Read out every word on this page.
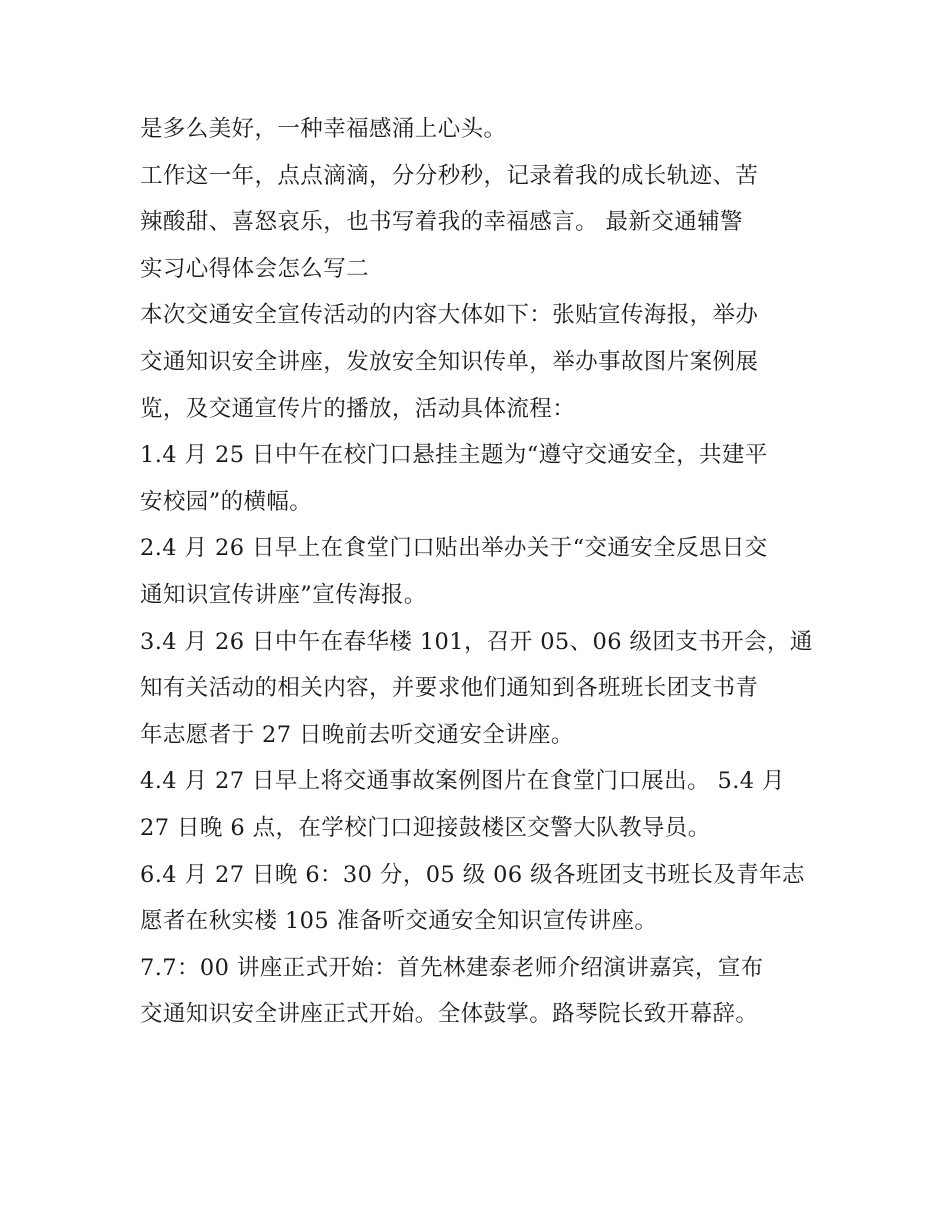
是多么美好，一种幸福感涌上心头。
工作这一年，点点滴滴，分分秒秒，记录着我的成长轨迹、苦
辣酸甜、喜怒哀乐，也书写着我的幸福感言。 最新交通辅警
实习心得体会怎么写二
本次交通安全宣传活动的内容大体如下：张贴宣传海报，举办
交通知识安全讲座，发放安全知识传单，举办事故图片案例展
览，及交通宣传片的播放，活动具体流程：
1.4 月 25 日中午在校门口悬挂主题为“遵守交通安全，共建平
安校园”的横幅。
2.4 月 26 日早上在食堂门口贴出举办关于“交通安全反思日交
通知识宣传讲座”宣传海报。
3.4 月 26 日中午在春华楼 101，召开 05、06 级团支书开会，通
知有关活动的相关内容，并要求他们通知到各班班长团支书青
年志愿者于 27 日晚前去听交通安全讲座。
4.4 月 27 日早上将交通事故案例图片在食堂门口展出。 5.4 月
27 日晚 6 点，在学校门口迎接鼓楼区交警大队教导员。
6.4 月 27 日晚 6：30 分，05 级 06 级各班团支书班长及青年志
愿者在秋实楼 105 准备听交通安全知识宣传讲座。
7.7：00 讲座正式开始：首先林建泰老师介绍演讲嘉宾，宣布
交通知识安全讲座正式开始。全体鼓掌。路琴院长致开幕辞。
